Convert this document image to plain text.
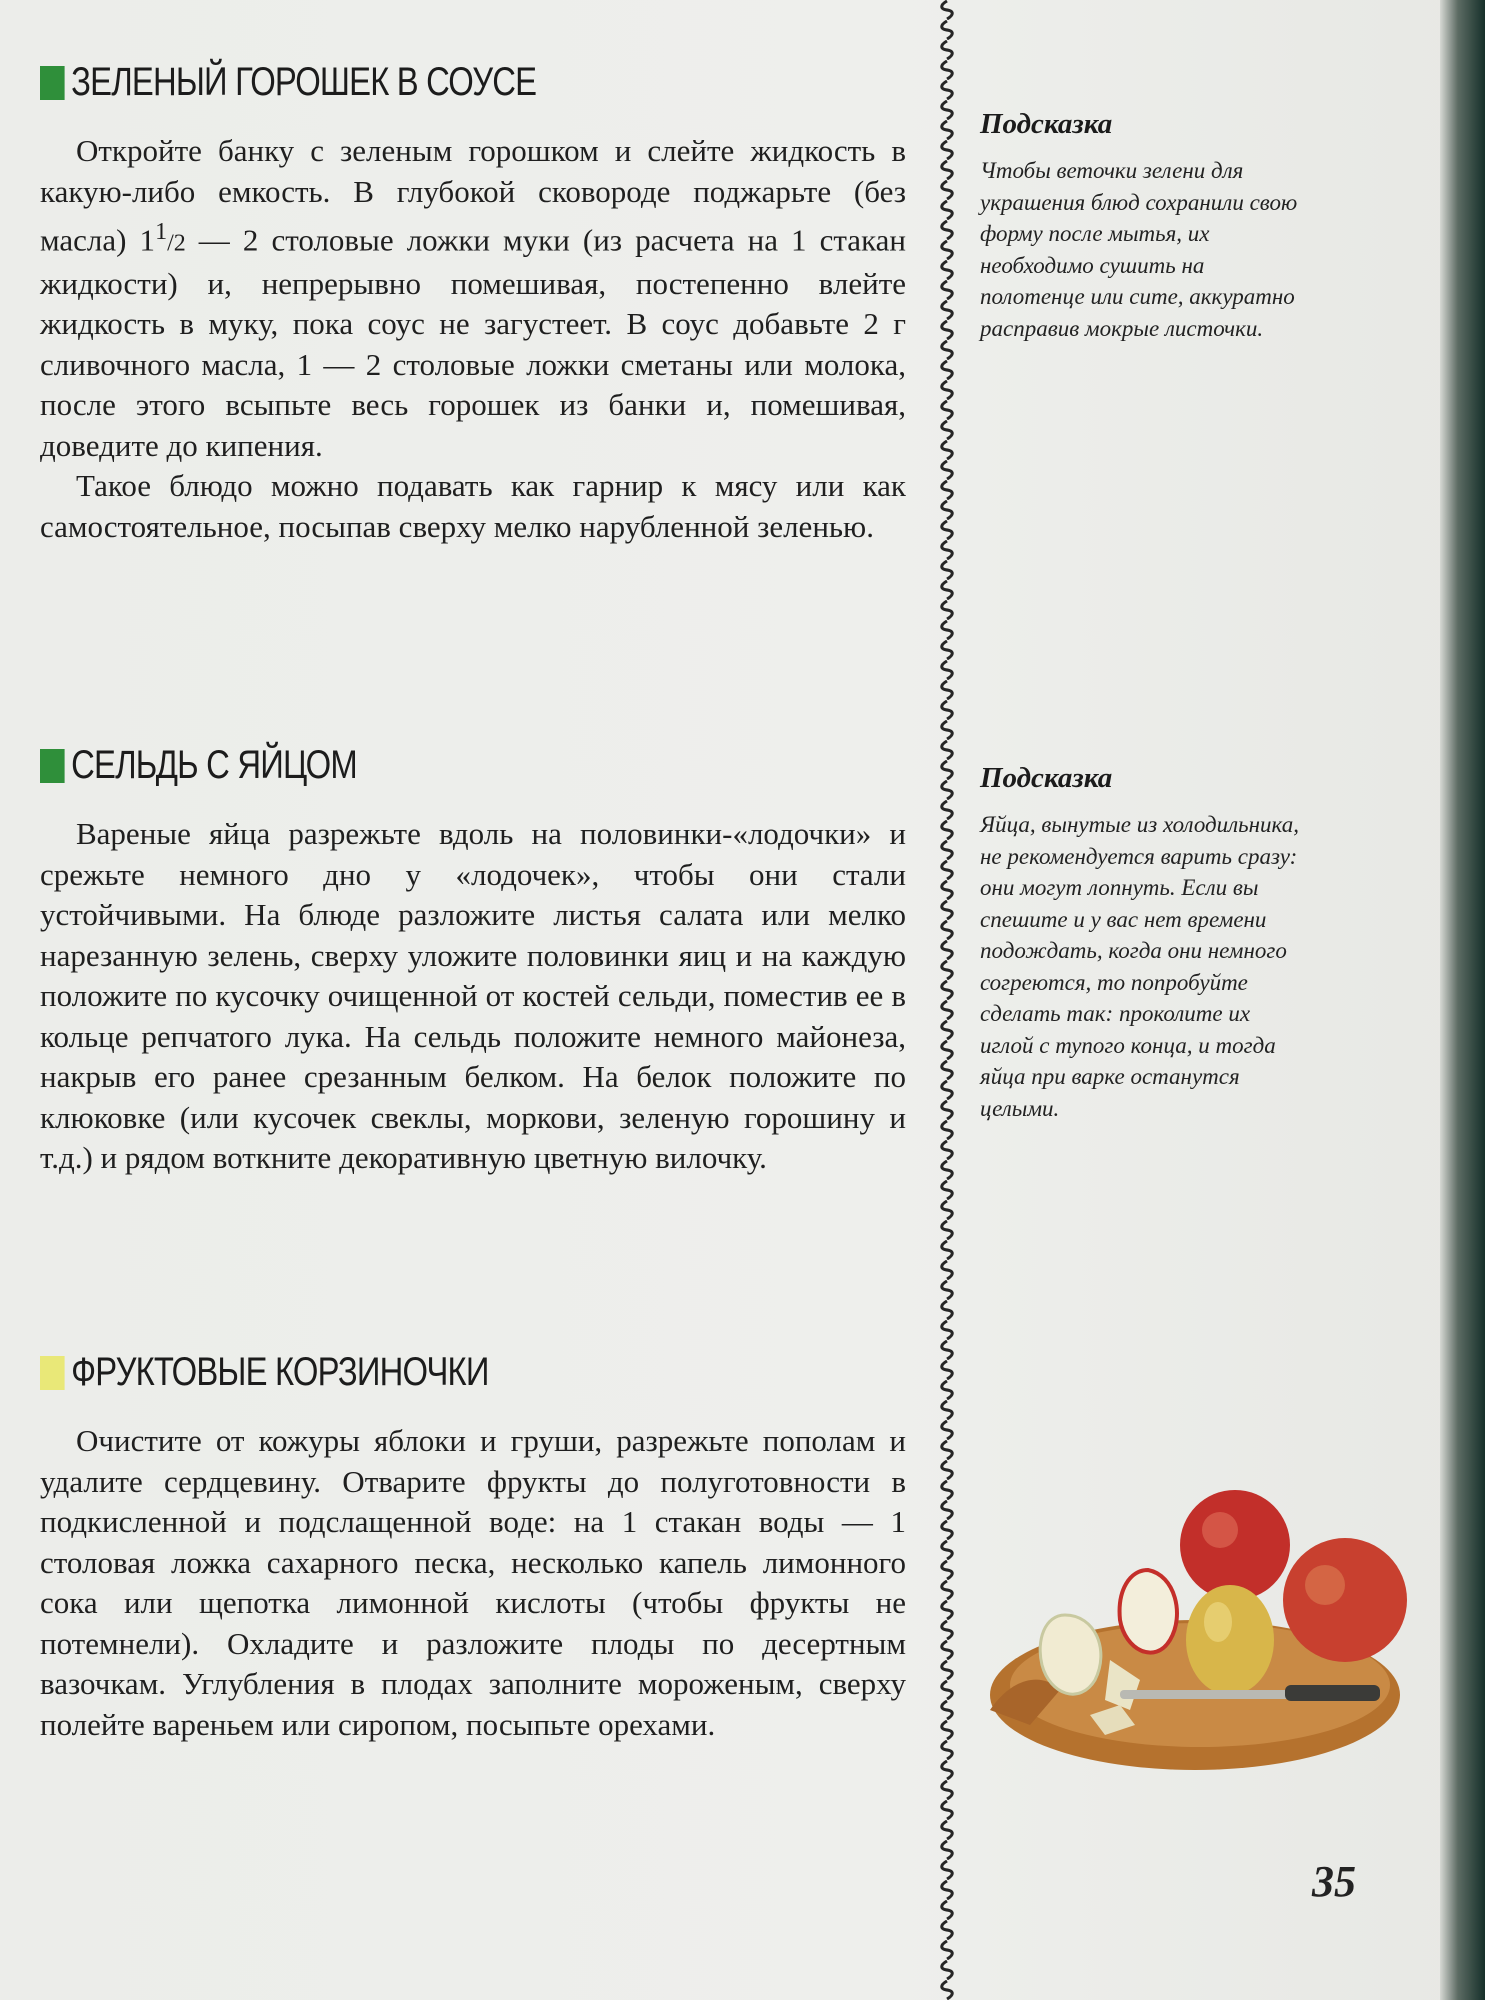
ЗЕЛЕНЫЙ ГОРОШЕК В СОУСЕ

Откройте банку с зеленым горошком и слейте жидкость в какую-либо емкость. В глубокой сковороде поджарьте (без масла) $1^1/2$ — 2 столовые ложки муки (из расчета на 1 стакан жидкости) и, непрерывно помешивая, постепенно влейте жидкость в муку, пока соус не загустеет. В соус добавьте 2 г сливочного масла, 1 — 2 столовые ложки сметаны или молока, после этого всыпьте весь горошек из банки и, помешивая, доведите до кипения.

Такое блюдо можно подавать как гарнир к мясу или как самостоятельное, посыпав сверху мелко нарубленной зеленью.

СЕЛЬДЬ С ЯЙЦОМ

Вареные яйца разрежьте вдоль на половинки-«лодочки» и срежьте немного дно у «лодочек», чтобы они стали устойчивыми. На блюде разложите листья салата или мелко нарезанную зелень, сверху уложите половинки яиц и на каждую положите по кусочку очищенной от костей сельди, поместив ее в кольце репчатого лука. На сельдь положите немного майонеза, накрыв его ранее срезанным белком. На белок положите по клюковке (или кусочек свеклы, моркови, зеленую горошину и т.д.) и рядом воткните декоративную цветную вилочку.

ФРУКТОВЫЕ КОРЗИНОЧКИ

Очистите от кожуры яблоки и груши, разрежьте пополам и удалите сердцевину. Отварите фрукты до полуготовности в подкисленной и подслащенной воде: на 1 стакан воды — 1 столовая ложка сахарного песка, несколько капель лимонного сока или щепотка лимонной кислоты (чтобы фрукты не потемнели). Охладите и разложите плоды по десертным вазочкам. Углубления в плодах заполните мороженым, сверху полейте вареньем или сиропом, посыпьте орехами.

Подсказка

Чтобы веточки зелени для украшения блюд сохранили свою форму после мытья, их необходимо сушить на полотенце или сите, аккуратно расправив мокрые листочки.

Подсказка

Яйца, вынутые из холодильника, не рекомендуется варить сразу: они могут лопнуть. Если вы спешите и у вас нет времени подождать, когда они немного согреются, то попробуйте сделать так: проколите их иглой с тупого конца, и тогда яйца при варке останутся целыми.

35
